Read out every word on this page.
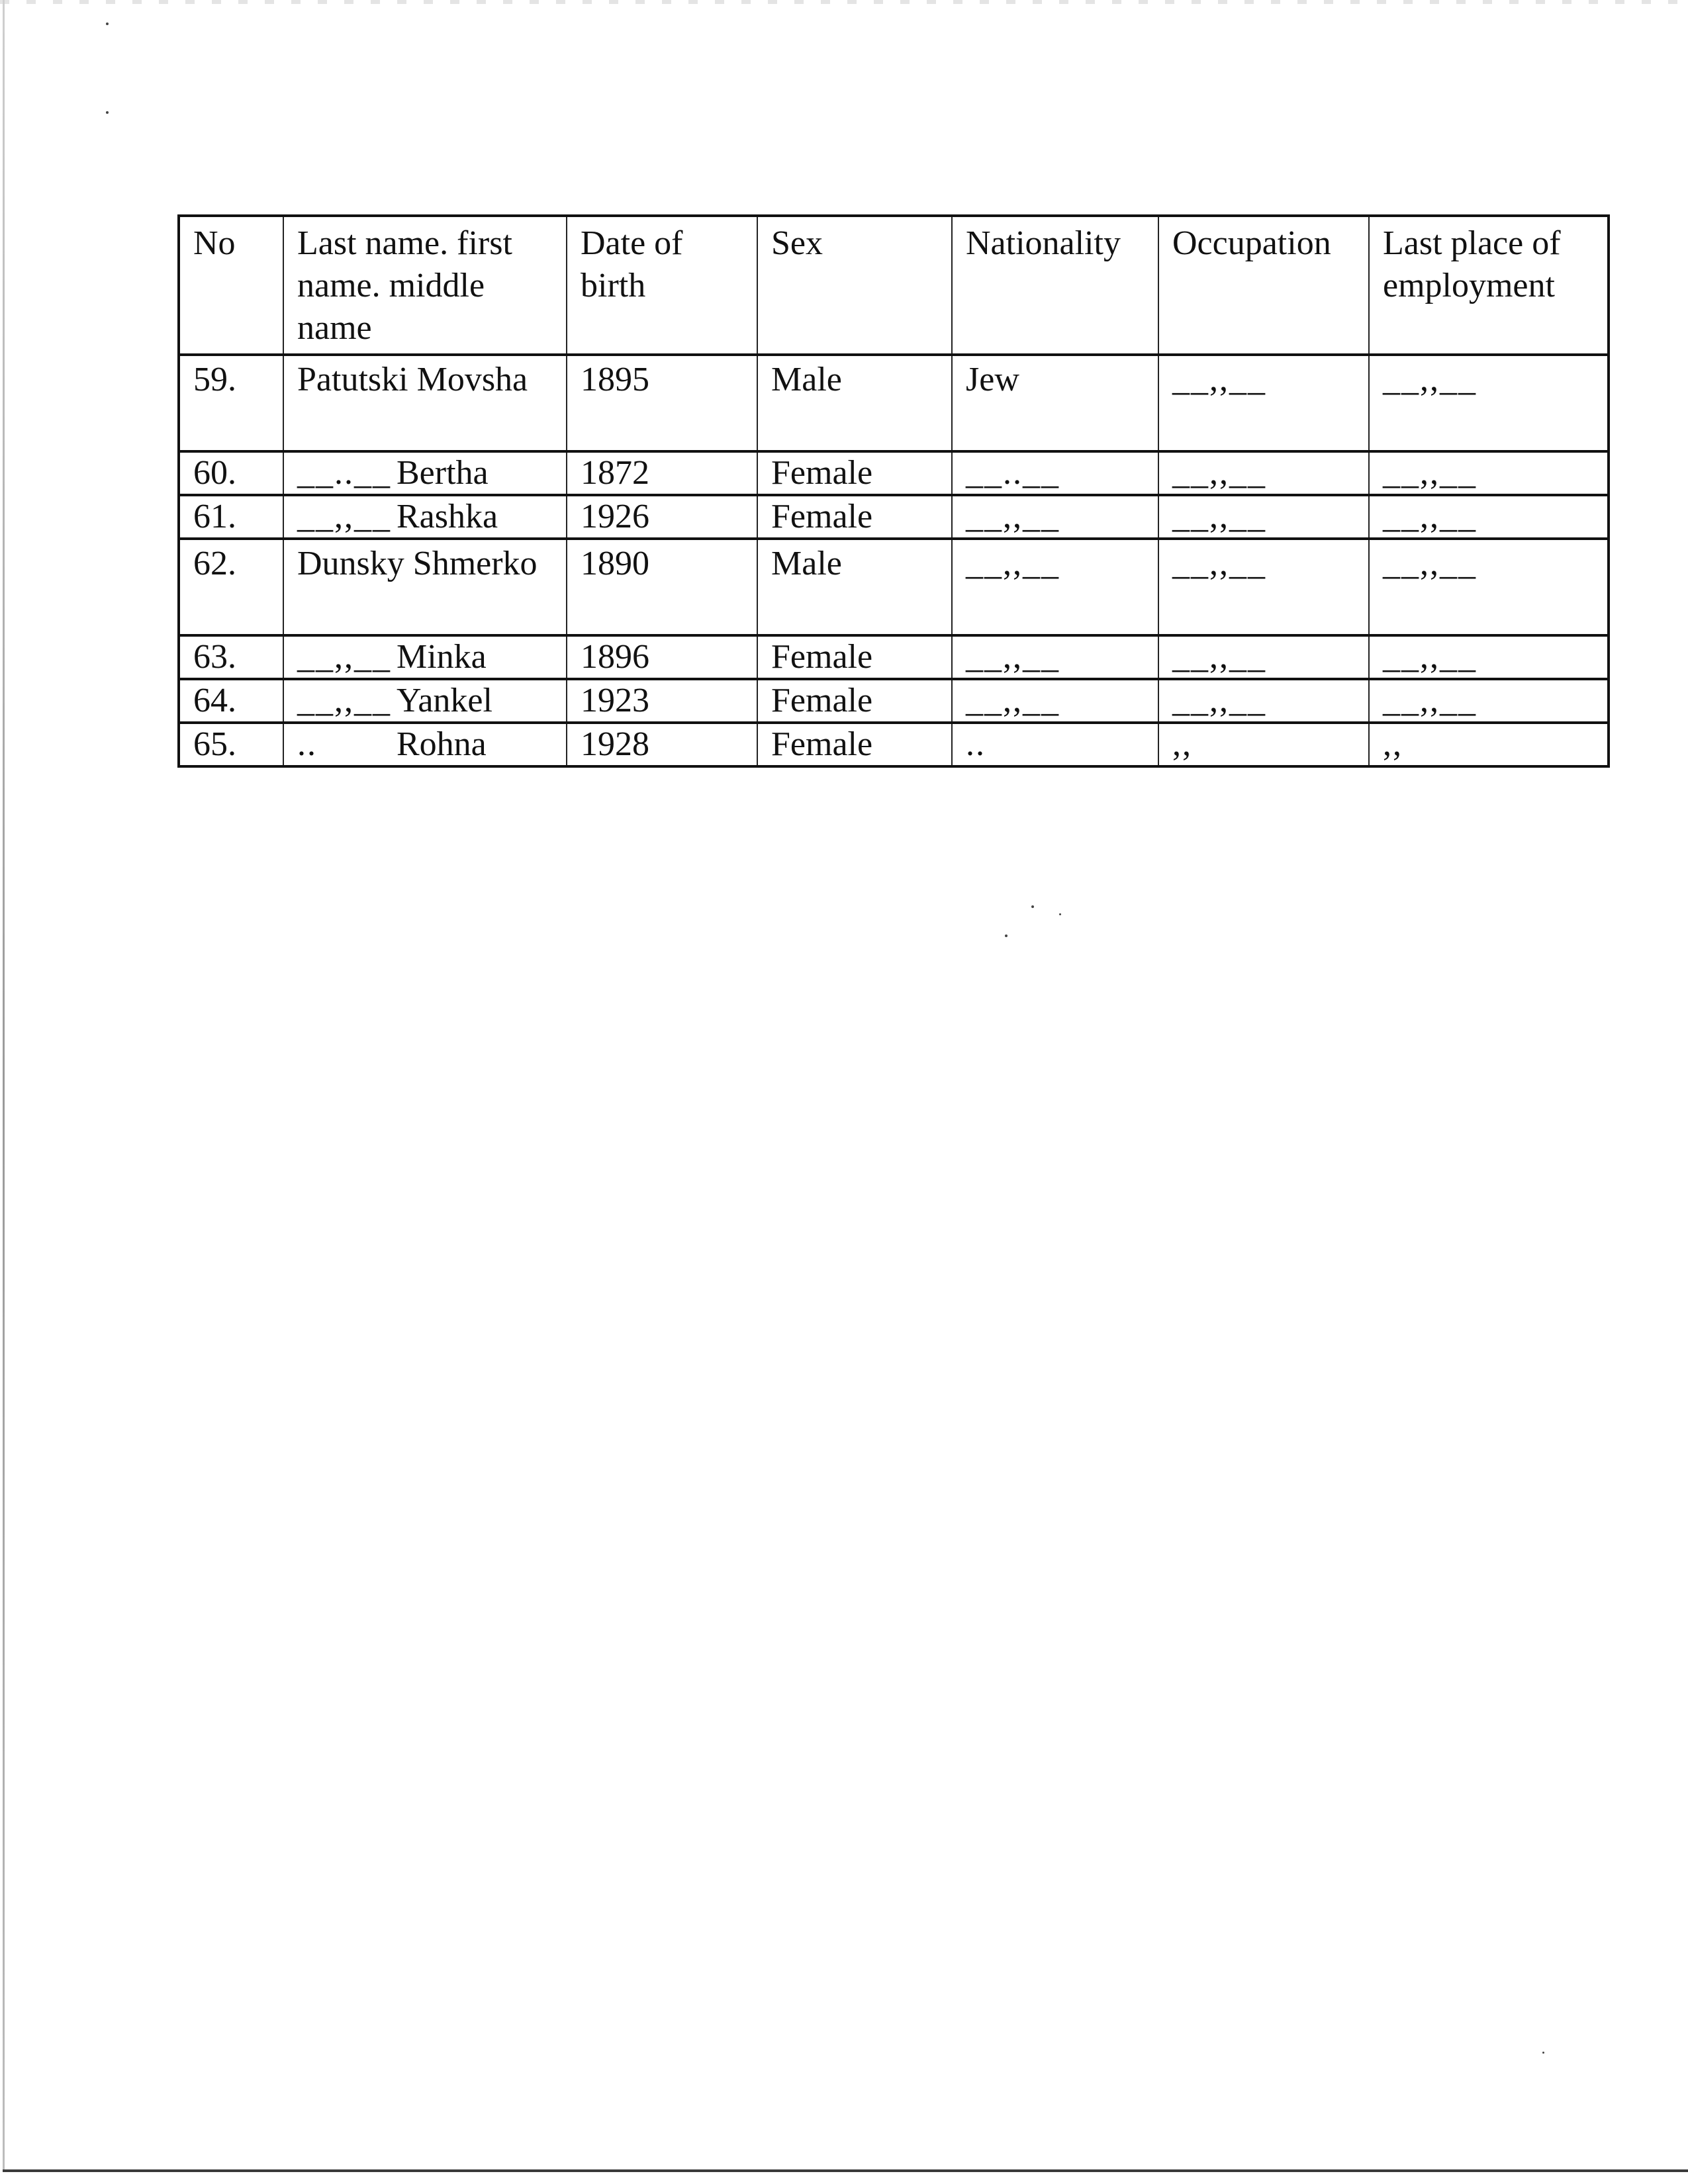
No	Last name. first name. middle name	Date of birth	Sex	Nationality	Occupation	Last place of employment
59.	Patutski Movsha	1895	Male	Jew	__,,__	__,,__
60.	__..__ Bertha	1872	Female	__..__	__,,__	__,,__
61.	__,,__ Rashka	1926	Female	__,,__	__,,__	__,,__
62.	Dunsky Shmerko	1890	Male	__,,__	__,,__	__,,__
63.	__,,__ Minka	1896	Female	__,,__	__,,__	__,,__
64.	__,,__ Yankel	1923	Female	__,,__	__,,__	__,,__
65.	.. Rohna	1928	Female	..	,,	,,
